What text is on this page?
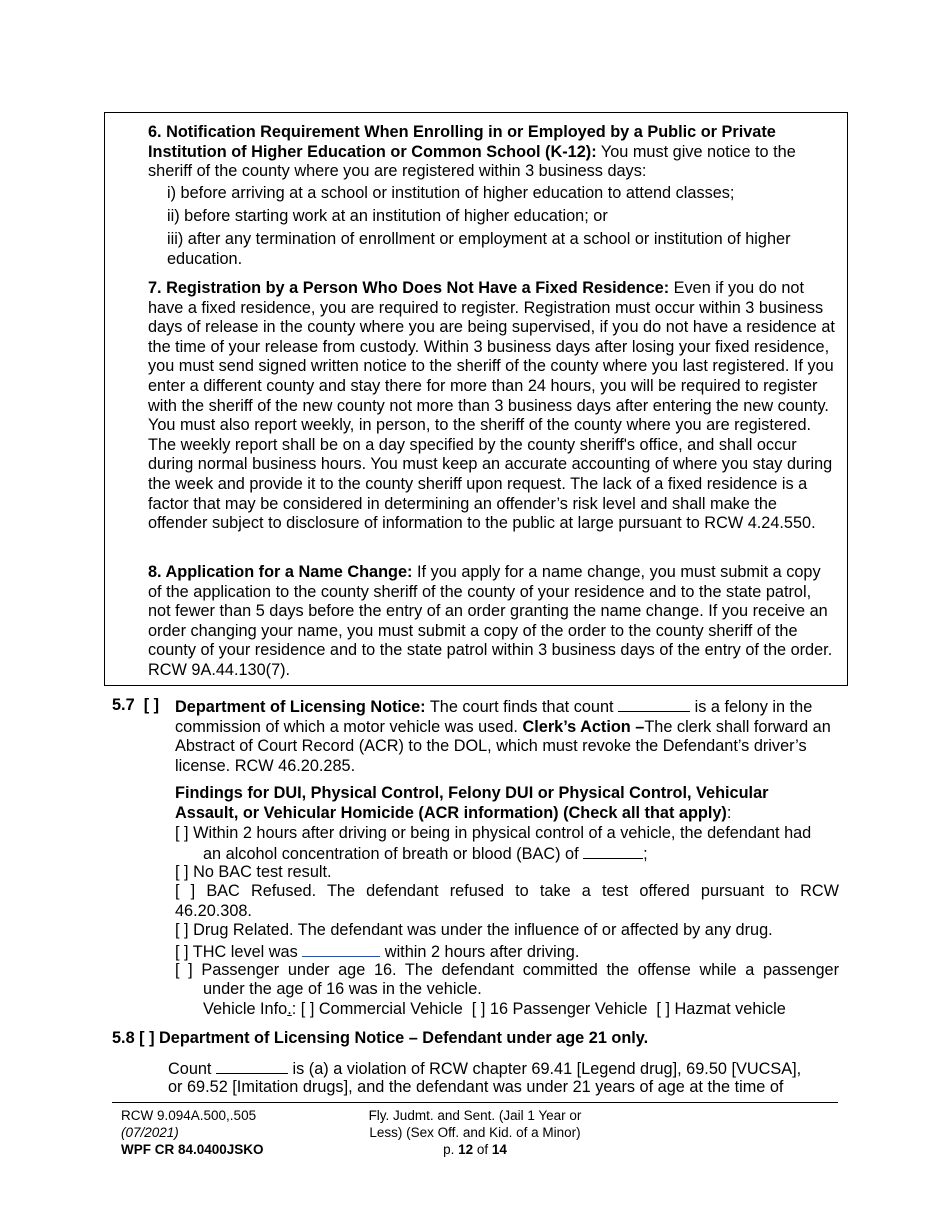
6. Notification Requirement When Enrolling in or Employed by a Public or Private Institution of Higher Education or Common School (K-12): You must give notice to the sheriff of the county where you are registered within 3 business days:

i) before arriving at a school or institution of higher education to attend classes;

ii) before starting work at an institution of higher education; or

iii) after any termination of enrollment or employment at a school or institution of higher education.

7. Registration by a Person Who Does Not Have a Fixed Residence: Even if you do not have a fixed residence, you are required to register. Registration must occur within 3 business days of release in the county where you are being supervised, if you do not have a residence at the time of your release from custody. Within 3 business days after losing your fixed residence, you must send signed written notice to the sheriff of the county where you last registered. If you enter a different county and stay there for more than 24 hours, you will be required to register with the sheriff of the new county not more than 3 business days after entering the new county. You must also report weekly, in person, to the sheriff of the county where you are registered. The weekly report shall be on a day specified by the county sheriff's office, and shall occur during normal business hours. You must keep an accurate accounting of where you stay during the week and provide it to the county sheriff upon request. The lack of a fixed residence is a factor that may be considered in determining an offender’s risk level and shall make the offender subject to disclosure of information to the public at large pursuant to RCW 4.24.550.

8. Application for a Name Change: If you apply for a name change, you must submit a copy of the application to the county sheriff of the county of your residence and to the state patrol, not fewer than 5 days before the entry of an order granting the name change. If you receive an order changing your name, you must submit a copy of the order to the county sheriff of the county of your residence and to the state patrol within 3 business days of the entry of the order. RCW 9A.44.130(7).

5.7 [ ] Department of Licensing Notice: The court finds that count	is a felony in the commission of which a motor vehicle was used. Clerk’s Action –The clerk shall forward an Abstract of Court Record (ACR) to the DOL, which must revoke the Defendant’s driver’s license. RCW 46.20.285.

Findings for DUI, Physical Control, Felony DUI or Physical Control, Vehicular Assault, or Vehicular Homicide (ACR information) (Check all that apply):

[ ] Within 2 hours after driving or being in physical control of a vehicle, the defendant had
an alcohol concentration of breath or blood (BAC) of	;
[ ] No BAC test result.
[ ] BAC Refused. The defendant refused to take a test offered pursuant to RCW
46.20.308.
[ ] Drug Related. The defendant was under the influence of or affected by any drug.
[ ] THC level was	within 2 hours after driving.
[ ] Passenger under age 16. The defendant committed the offense while a passenger
under the age of 16 was in the vehicle.
Vehicle Info.: [ ] Commercial Vehicle  [ ] 16 Passenger Vehicle  [ ] Hazmat vehicle
5.8 [ ] Department of Licensing Notice – Defendant under age 21 only.
Count	is (a) a violation of RCW chapter 69.41 [Legend drug], 69.50 [VUCSA],
or 69.52 [Imitation drugs], and the defendant was under 21 years of age at the time of
RCW 9.094A.500,.505
(07/2021)
WPF CR 84.0400JSKO
Fly. Judmt. and Sent. (Jail 1 Year or
Less) (Sex Off. and Kid. of a Minor)
p. 12 of 14
